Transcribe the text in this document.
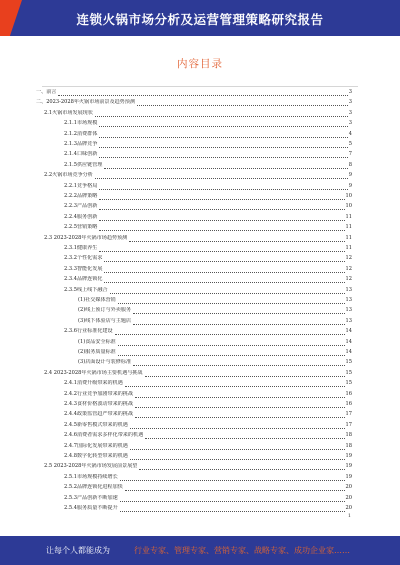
连锁火锅市场分析及运营管理策略研究报告
内容目录
一、前言	3
二、2023-2028年火锅市场前景及趋势预测	3
2.1火锅市场发展现状	3
2.1.1市场规模	3
2.1.2消费群体	4
2.1.3品牌竞争	5
2.1.4口味创新	7
2.1.5供应链管理	8
2.2火锅市场竞争分析	9
2.2.1竞争格局	9
2.2.2品牌策略	10
2.2.3产品创新	10
2.2.4服务创新	11
2.2.5营销策略	11
2.3 2023-2028年火锅市场趋势预测	11
2.3.1健康养生	11
2.3.2个性化需求	12
2.3.3智能化发展	12
2.3.4品牌连锁化	12
2.3.5线上线下融合	13
(1)社交媒体营销	13
(2)线上预订与外卖服务	13
(3)线下体验店与主题店	13
2.3.6行业标准化建设	14
(1)食品安全标准	14
(2)服务质量标准	14
(3)店面设计与装修标准	15
2.4 2023-2028年火锅市场主要机遇与挑战	15
2.4.1消费升级带来的机遇	15
2.4.2行业竞争加剧带来的挑战	16
2.4.3食材价格波动带来的挑战	16
2.4.4政策监管趋严带来的挑战	17
2.4.5新零售模式带来的机遇	17
2.4.6消费者需求多样化带来的机遇	18
2.4.7国际化发展带来的机遇	18
2.4.8数字化转型带来的机遇	19
2.5 2023-2028年火锅市场发展前景展望	19
2.5.1市场规模持续增长	19
2.5.2品牌连锁化进程加快	20
2.5.3产品创新不断加速	20
2.5.4服务质量不断提升	20
1
让每个人都能成为	行业专家、管理专家、营销专家、战略专家、成功企业家……
